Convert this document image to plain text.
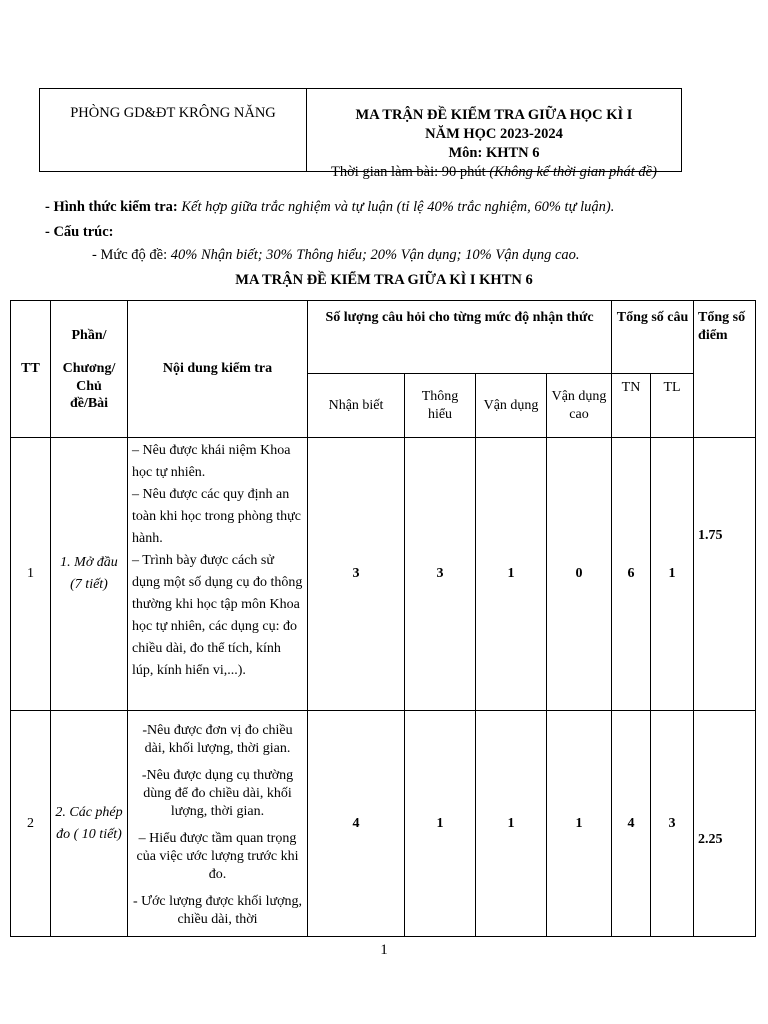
PHÒNG GD&ĐT KRÔNG NĂNG	MA TRẬN ĐỀ KIỂM TRA GIỮA HỌC KÌ I
NĂM HỌC 2023-2024
Môn: KHTN 6
Thời gian làm bài: 90 phút (Không kể thời gian phát đề)
- Hình thức kiểm tra: Kết hợp giữa trắc nghiệm và tự luận (tỉ lệ 40% trắc nghiệm, 60% tự luận).
- Cấu trúc:
- Mức độ đề: 40% Nhận biết; 30% Thông hiểu; 20% Vận dụng; 10% Vận dụng cao.
MA TRẬN ĐỀ KIỂM TRA GIỮA KÌ I KHTN 6
TT	Phần/
Chương/
Chủ
đề/Bài	Nội dung kiểm tra	Số lượng câu hỏi cho từng mức độ nhận thức				Tổng số câu		Tổng số điểm
			Nhận biết	Thông hiểu	Vận dụng	Vận dụng cao	TN	TL	
1	1. Mở đầu (7 tiết)	– Nêu được khái niệm Khoa học tự nhiên.

– Nêu được các quy định an toàn khi học trong phòng thực hành.

– Trình bày được cách sử dụng một số dụng cụ đo thông thường khi học tập môn Khoa học tự nhiên, các dụng cụ: đo chiều dài, đo thể tích, kính lúp, kính hiển vi,...).	3	3	1	0	6	1	1.75
2	2. Các phép đo ( 10 tiết)	-Nêu được đơn vị đo chiều dài, khối lượng, thời gian.

-Nêu được dụng cụ thường dùng để đo chiều dài, khối lượng, thời gian.

– Hiểu được tầm quan trọng của việc ước lượng trước khi đo.

- Ước lượng được khối lượng, chiều dài, thời	4	1	1	1	4	3	2.25
1
